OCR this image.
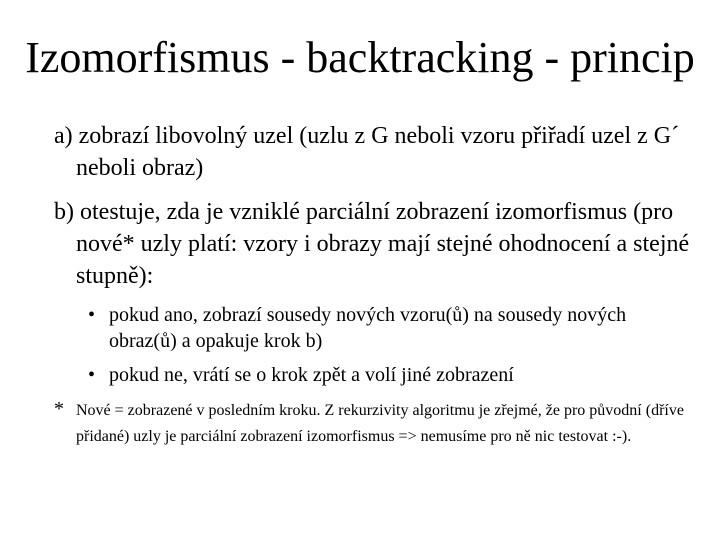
Izomorfismus - backtracking - princip
a) zobrazí libovolný uzel (uzlu z G neboli vzoru přiřadí uzel z G´ neboli obraz)
b) otestuje, zda je vzniklé parciální zobrazení izomorfismus (pro nové* uzly platí: vzory i obrazy mají stejné ohodnocení a stejné stupně):
• pokud ano, zobrazí sousedy nových vzoru(ů) na sousedy nových obraz(ů) a opakuje krok b)
• pokud ne, vrátí se o krok zpět a volí jiné zobrazení
* Nové = zobrazené v posledním kroku. Z rekurzivity algoritmu je zřejmé, že pro původní (dříve přidané) uzly je parciální zobrazení izomorfismus => nemusíme pro ně nic testovat :-).
